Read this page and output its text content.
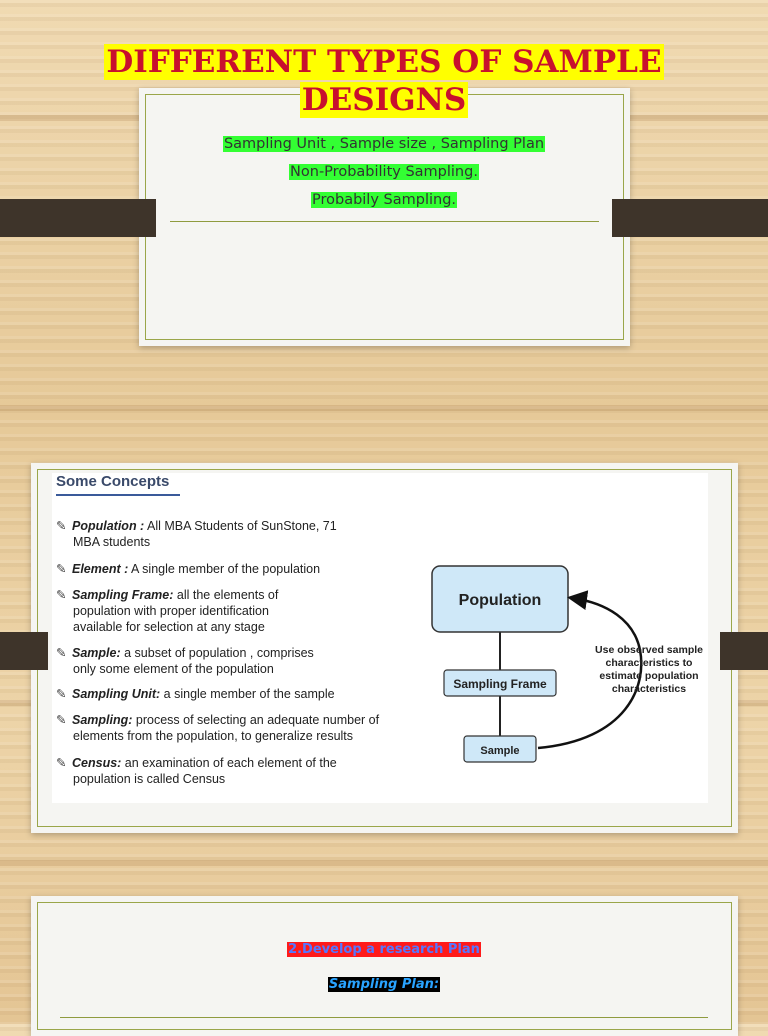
DIFFERENT TYPES OF SAMPLE
DESIGNS
Sampling Unit , Sample size , Sampling Plan
Non-Probability Sampling.
Probabily Sampling.
Some Concepts
✎ Population : All MBA Students of SunStone, 71
MBA students
✎ Element : A single member of the population
✎ Sampling Frame: all the elements of
population with proper identification available for selection at any stage
✎ Sample: a subset of population , comprises
only some element of the population
✎ Sampling Unit: a single member of the sample
✎ Sampling: process of selecting an adequate number of
elements from the population, to generalize results
✎ Census: an examination of each element of the
population is called Census
Population
Sampling Frame
Sample
Use observed sample
characteristics to
estimate population
characteristics
2.Develop a research Plan
Sampling Plan:
